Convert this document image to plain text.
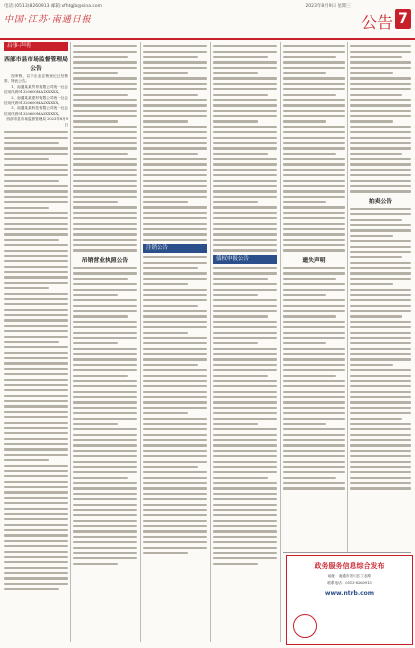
电话:(0513)8260913 邮箱:xfhtgjb@sina.com	2023年8月9日 星期三
中国·江苏·南通日报	公告 7
启事·声明
西部市县市场监督管理局公告

经审核，以下企业注销登记已经核准，特此公告。

1、南通某某贸易有限公司统一社会信用代码91320600MA1XXXXX。

2、南通某某建材有限公司统一社会信用代码91320600MA2XXXXX。

3、南通某某科技有限公司统一社会信用代码91320600MA3XXXXX。

西部市县市场监督管理局 2023年8月9日
吊销营业执照公告
注销公告
债权申报公告	遗失声明
拍卖公告
政务服务信息综合发布
地址：南通市崇川区工农路
联系电话：0513-8260913
www.ntrb.com
